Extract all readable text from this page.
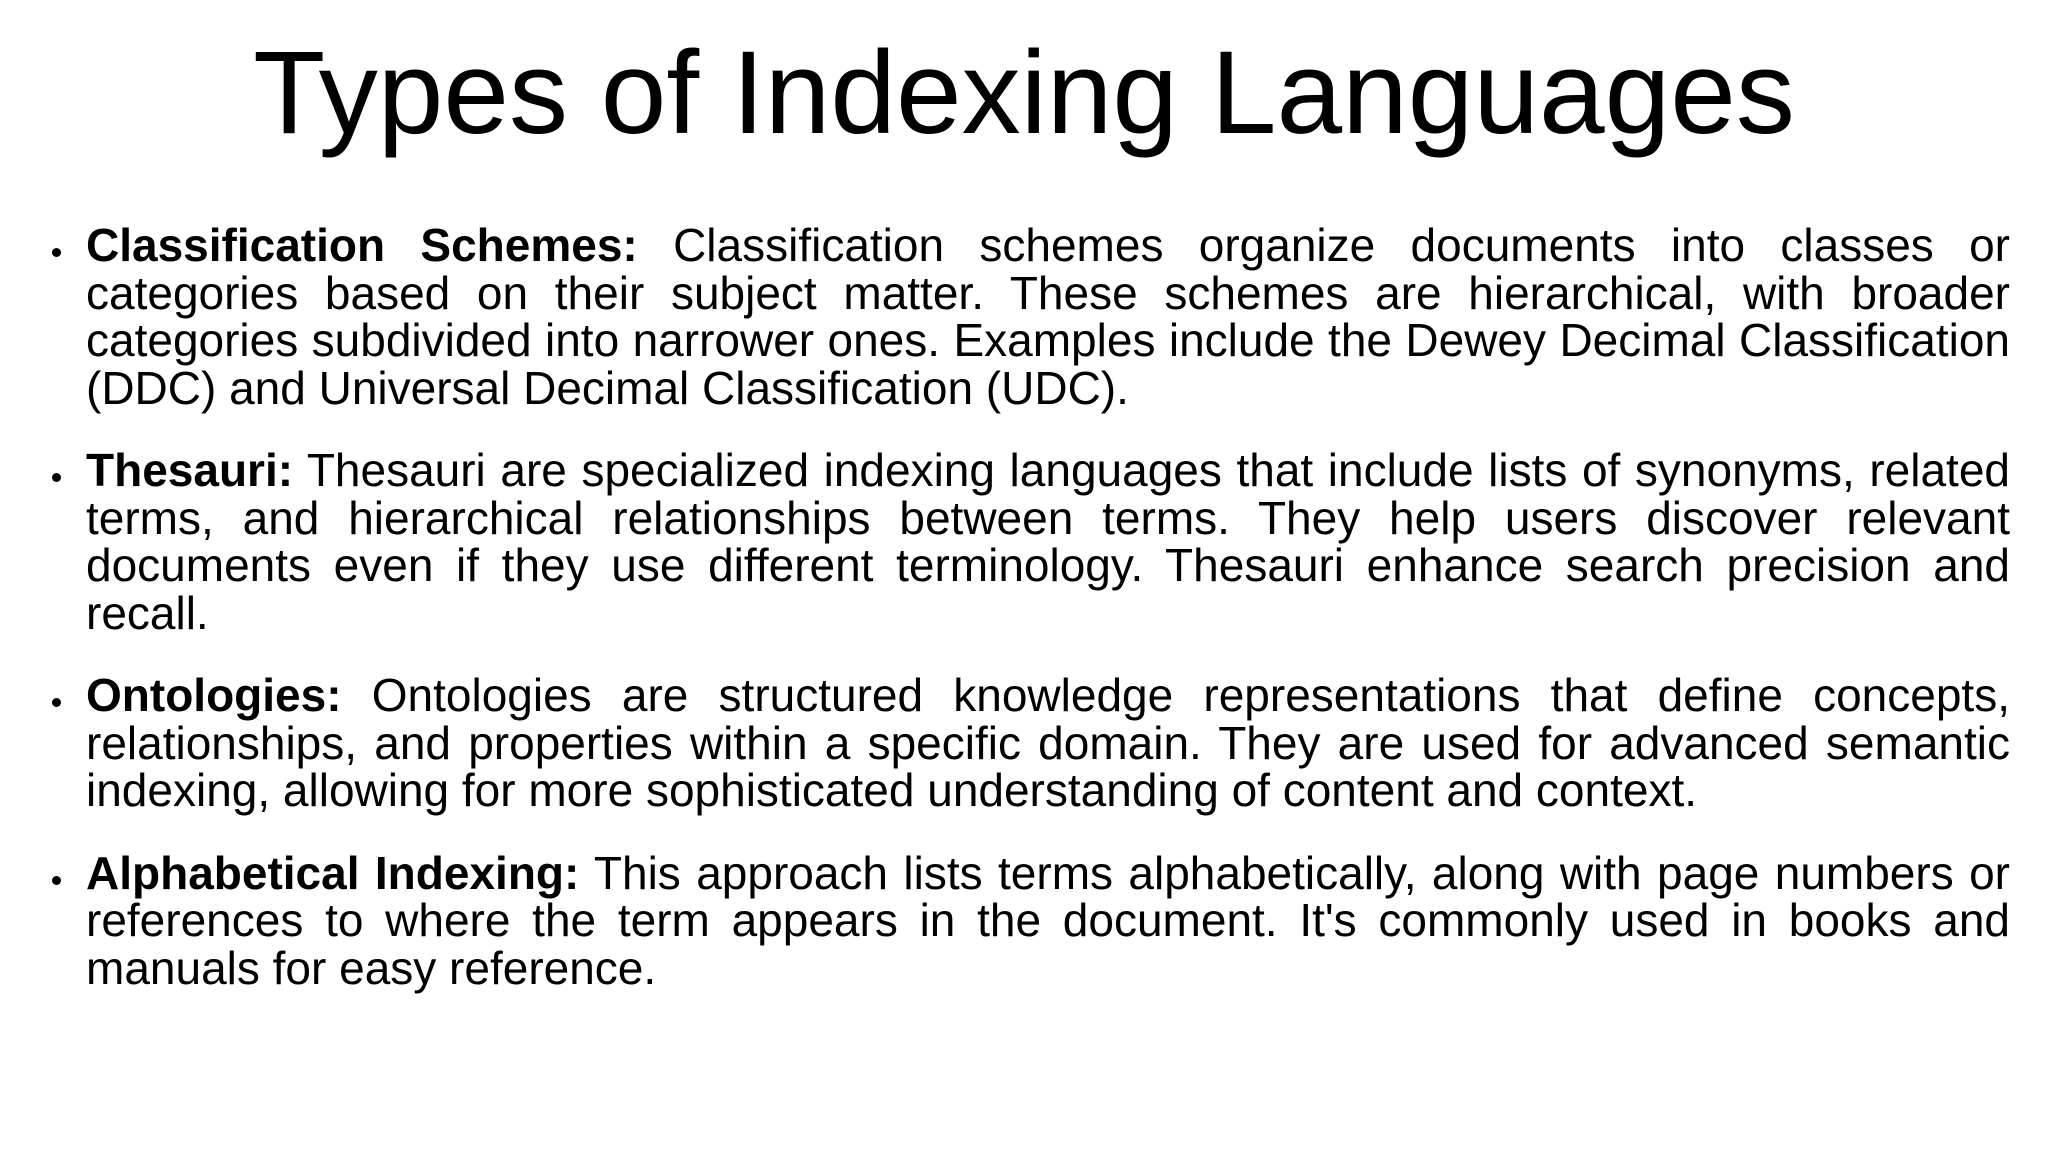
Types of Indexing Languages
Classification Schemes: Classification schemes organize documents into classes or categories based on their subject matter. These schemes are hierarchical, with broader categories subdivided into narrower ones. Examples include the Dewey Decimal Classification (DDC) and Universal Decimal Classification (UDC).
Thesauri: Thesauri are specialized indexing languages that include lists of synonyms, related terms, and hierarchical relationships between terms. They help users discover relevant documents even if they use different terminology. Thesauri enhance search precision and recall.
Ontologies: Ontologies are structured knowledge representations that define concepts, relationships, and properties within a specific domain. They are used for advanced semantic indexing, allowing for more sophisticated understanding of content and context.
Alphabetical Indexing: This approach lists terms alphabetically, along with page numbers or references to where the term appears in the document. It's commonly used in books and manuals for easy reference.
